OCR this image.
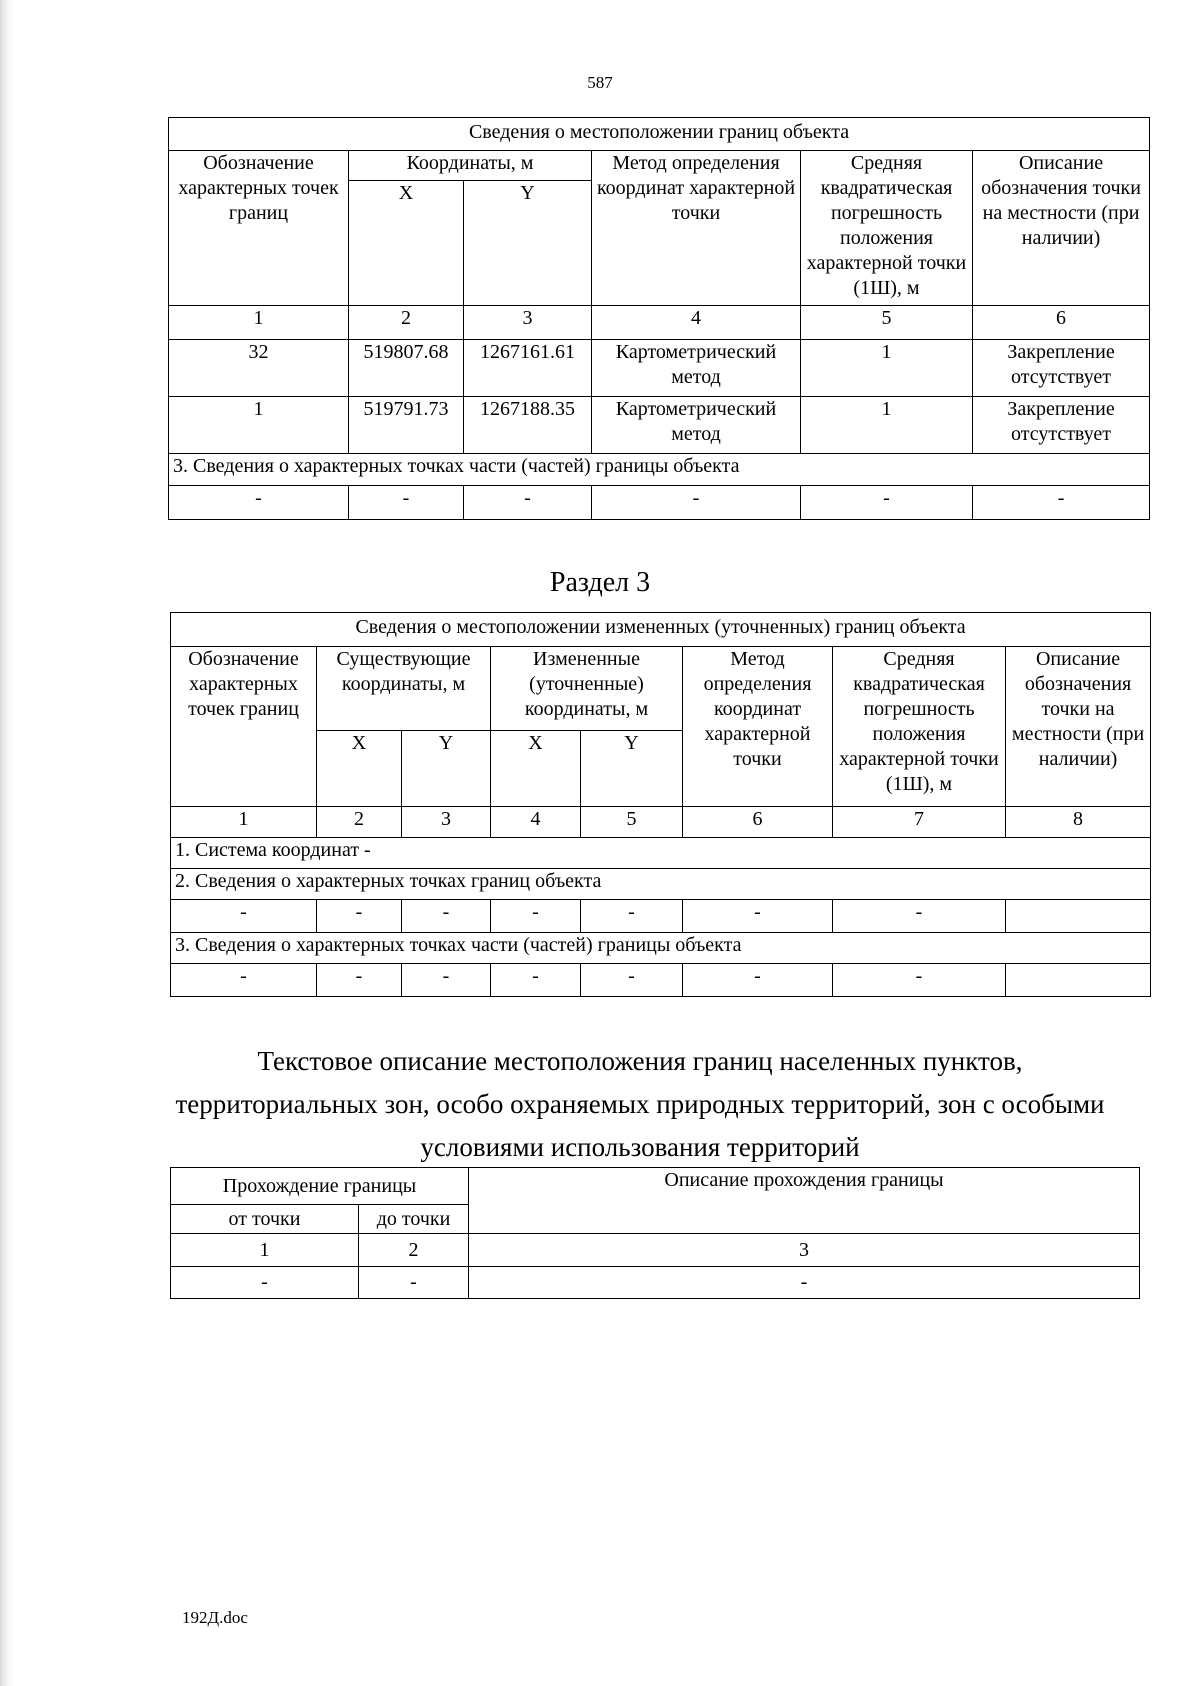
587
Сведения о местоположении границ объекта					
Обозначение характерных точек границ	Координаты, м		Метод определения координат характерной точки	Средняя квадратическая погрешность положения характерной точки (1Ш), м	Описание обозначения точки на местности (при наличии)
	X	Y			
1	2	3	4	5	6
32	519807.68	1267161.61	Картометрический метод	1	Закрепление отсутствует
1	519791.73	1267188.35	Картометрический метод	1	Закрепление отсутствует
3. Сведения о характерных точках части (частей) границы объекта					
-	-	-	-	-	-
Раздел 3
Сведения о местоположении измененных (уточненных) границ объекта							
Обозначение характерных точек границ	Существующие координаты, м		Измененные (уточненные) координаты, м		Метод определения координат характерной точки	Средняя квадратическая погрешность положения характерной точки (1Ш), м	Описание обозначения точки на местности (при наличии)
	X	Y	X	Y			
1	2	3	4	5	6	7	8
1. Система координат -							
2. Сведения о характерных точках границ объекта							
-	-	-	-	-	-	-	
3. Сведения о характерных точках части (частей) границы объекта							
-	-	-	-	-	-	-	
Текстовое описание местоположения границ населенных пунктов, территориальных зон, особо охраняемых природных территорий, зон с особыми условиями использования территорий
Прохождение границы		Описание прохождения границы
от точки	до точки	
1	2	3
-	-	-
192Д.doc
